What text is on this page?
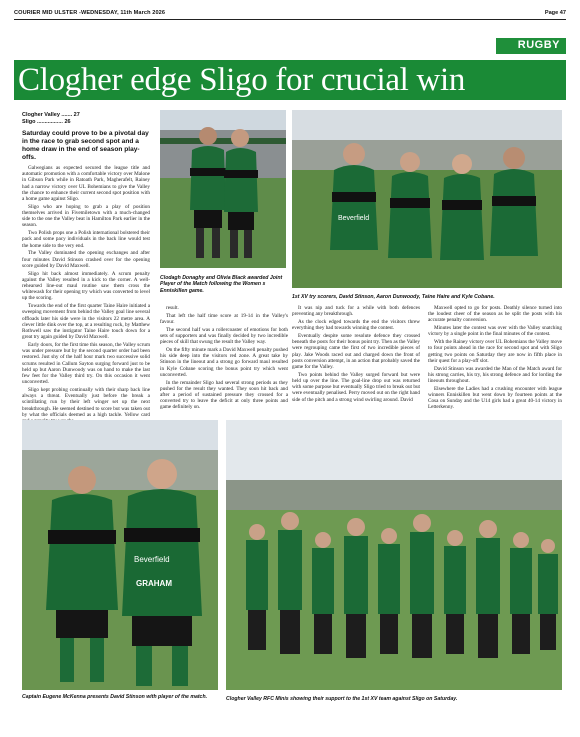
COURIER MID ULSTER -WEDNESDAY, 11th March 2026	Page 47
RUGBY
Clogher edge Sligo for crucial win
Clogher Valley ....... 27
Sligo ................. 26
Beverfield
Clodagh Donaghy and Olivia Black awarded Joint Player of the Match following the Women s Enniskillen game.
1st XV try scorers, David Stinson, Aaron Dunwoody, Taine Haire and Kyle Cobane.
Saturday could prove to be a pivotal day in the race to grab second spot and a home draw in the end of season play-offs.

Galwegians as expected secured the league title and automatic promotion with a comfortable victory over Malone in Gibson Park while in Ratoath Park, Magherafelt, Rainey had a narrow victory over UL Bohemians to give the Valley the chance to enhance their current second spot position with a home game against Sligo.

Sligo who are hoping to grab a play of position themselves arrived in Fivemiletown with a much-changed side to the one the Valley beat in Hamilton Park earlier in the season.

Two Polish props one a Polish international bolstered their pack and some pacy individuals in the back line would test the home side to the very end.

The Valley dominated the opening exchanges and after four minutes David Stinson crashed over for the opening score guided by David Maxwell.

Sligo hit back almost immediately. A scrum penalty against the Valley resulted in a kick to the corner. A well-rehearsed line-out maul routine saw them cross the whitewash for their opening try which was converted to level up the scoring.

Towards the end of the first quarter Taine Haire initiated a sweeping movement from behind the Valley goal line several offloads later his side were in the visitors 22 metre area. A clever little dink over the top, at a resulting ruck, by Matthew Rothwell saw the instigator Taine Haire touch down for a great try again guided by David Maxwell.

Early doors, for the first time this season, the Valley scrum was under pressure but by the second quarter order had been restored. Just shy of the half hour mark two successive solid scrums resulted in Callum Sayton surging forward just to be held up but Aaron Dunwoody was on hand to make the last few feet for the Valley third try. On this occasion it went unconverted.

Sligo kept probing continually with their sharp back line always a threat. Eventually just before the break a scintillating run by their left winger set up the next breakthrough. He seemed destined to score but was taken out by what the officials deemed as a high tackle. Yellow card

result.

That left the half time score at 19-14 in the Valley's favour.

The second half was a rollercoaster of emotions for both sets of supporters and was finally decided by two incredible pieces of skill that swung the result the Valley way.

On the fifty minute mark a David Maxwell penalty pushed his side deep into the visitors red zone. A great take by Stinson in the lineout and a strong go forward maul resulted in Kyle Cobane scoring the bonus point try which went unconverted.

In the remainder Sligo had several strong periods as they pushed for the result they wanted. They soon hit back and after a period of sustained pressure they crossed for a converted try to leave the deficit at only three points and game definitely on.

It was nip and tuck for a while with both defences preventing any breakthrough.

As the clock edged towards the end the visitors threw everything they had towards winning the contest.

Eventually despite some resolute defence they crossed beneath the posts for their bonus point try. Then as the Valley were regrouping came the first of two incredible pieces of play. Jake Woods raced out and charged down the front of posts conversion attempt, in an action that probably saved the game for the Valley.

Two points behind the Valley surged forward but were held up over the line. The goal-line drop out was returned with some purpose but eventually Sligo tried to break out but were eventually penalised. Perry moved out on the right hand side of the pitch and a strong wind swirling around. David

Maxwell opted to go for posts. Deathly silence turned into the loudest cheer of the season as he split the posts with his accurate penalty conversion.

Minutes later the contest was over with the Valley snatching victory by a single point in the final minutes of the contest.

With the Rainey victory over UL Bohemians the Valley move to four points ahead in the race for second spot and with Sligo getting two points on Saturday they are now in fifth place in their quest for a play-off slot.

David Stinson was awarded the Man of the Match award for his strong carries, his try, his strong defence and for lording the lineouts throughout.

Elsewhere the Ladies had a crushing encounter with league winners Enniskillen but went down by fourteen points at the Cosa on Sunday and the U14 girls had a great 40-14 victory in Letterkenny.

Beverfield
GRAHAM
Captain Eugene McKenna presents David Stinson with player of the match.	Clogher Valley RFC Minis showing their support to the 1st XV team against Sligo on Saturday.
